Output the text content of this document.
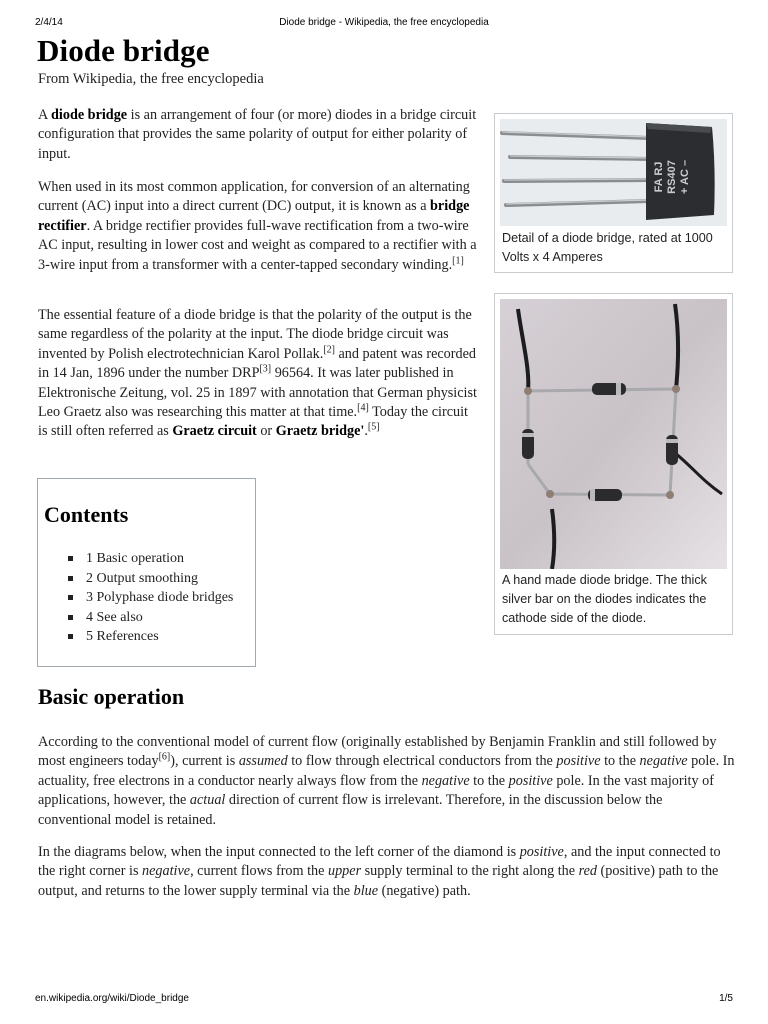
2/4/14	Diode bridge - Wikipedia, the free encyclopedia
Diode bridge
From Wikipedia, the free encyclopedia

A diode bridge is an arrangement of four (or more) diodes in a bridge circuit configuration that provides the same polarity of output for either polarity of input.

When used in its most common application, for conversion of an alternating current (AC) input into a direct current (DC) output, it is known as a bridge rectifier. A bridge rectifier provides full-wave rectification from a two-wire AC input, resulting in lower cost and weight as compared to a rectifier with a 3-wire input from a transformer with a center-tapped secondary winding.[1]

The essential feature of a diode bridge is that the polarity of the output is the same regardless of the polarity at the input. The diode bridge circuit was invented by Polish electrotechnician Karol Pollak.[2] and patent was recorded in 14 Jan, 1896 under the number DRP[3] 96564. It was later published in Elektronische Zeitung, vol. 25 in 1897 with annotation that German physicist Leo Graetz also was researching this matter at that time.[4] Today the circuit is still often referred as Graetz circuit or Graetz bridge'.[5]

FA RJ RS407 + AC –
Detail of a diode bridge, rated at 1000 Volts x 4 Amperes
A hand made diode bridge. The thick silver bar on the diodes indicates the cathode side of the diode.
Contents
1 Basic operation
2 Output smoothing
3 Polyphase diode bridges
4 See also
5 References
Basic operation

According to the conventional model of current flow (originally established by Benjamin Franklin and still followed by most engineers today[6]), current is assumed to flow through electrical conductors from the positive to the negative pole. In actuality, free electrons in a conductor nearly always flow from the negative to the positive pole. In the vast majority of applications, however, the actual direction of current flow is irrelevant. Therefore, in the discussion below the conventional model is retained.

In the diagrams below, when the input connected to the left corner of the diamond is positive, and the input connected to the right corner is negative, current flows from the upper supply terminal to the right along the red (positive) path to the output, and returns to the lower supply terminal via the blue (negative) path.

en.wikipedia.org/wiki/Diode_bridge	1/5
